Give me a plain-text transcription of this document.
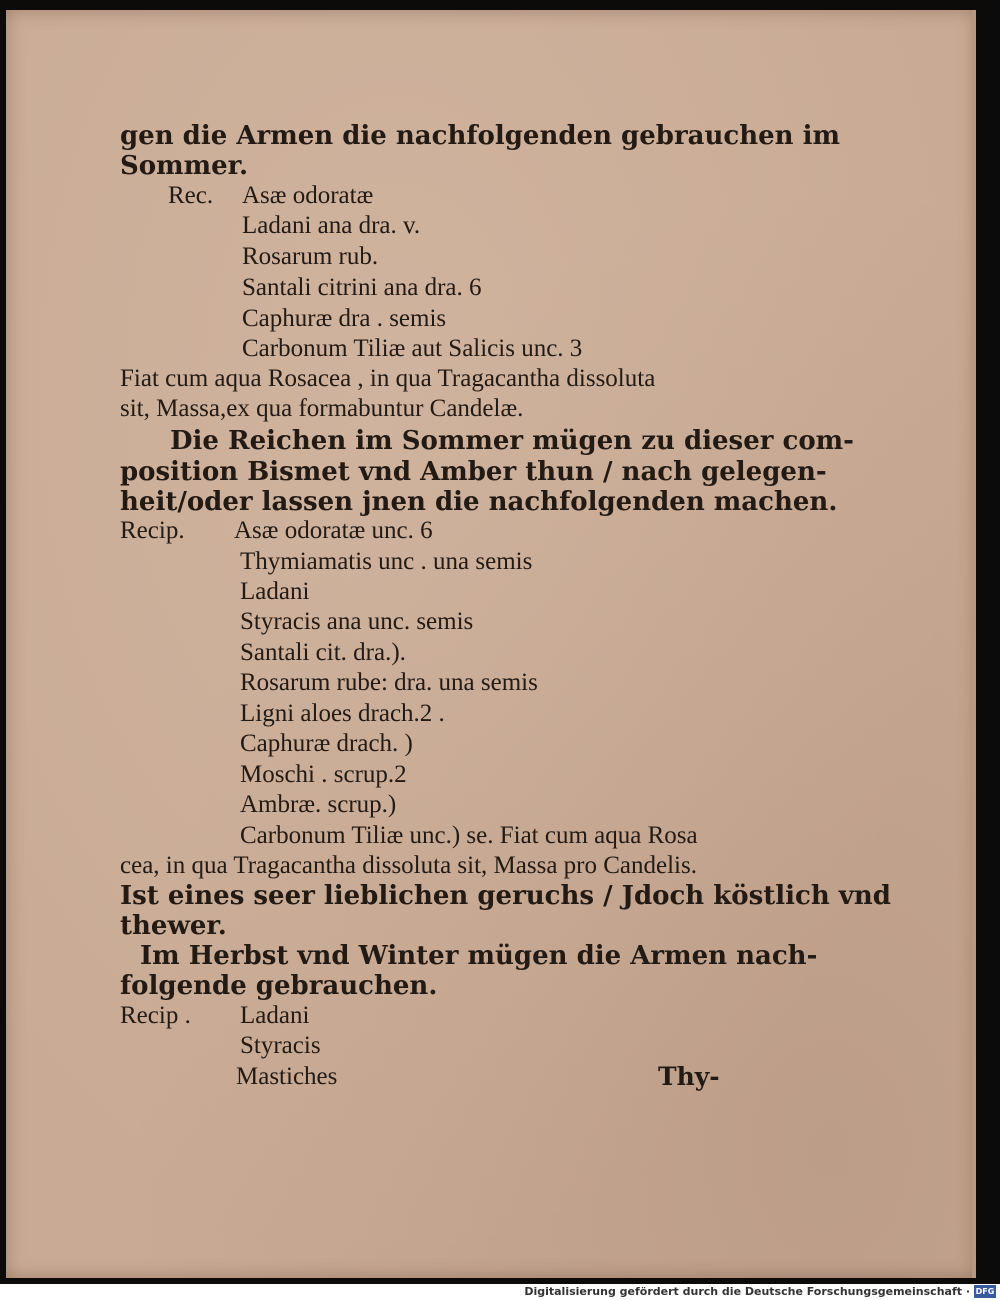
gen die Armen die nachfolgenden gebrauchen im
Sommer.
Rec. Asæ odoratæ
Ladani ana dra. v.
Rosarum rub.
Santali citrini ana dra. 6
Caphuræ dra . semis
Carbonum Tiliæ aut Salicis unc. 3
Fiat cum aqua Rosacea , in qua Tragacantha dissoluta
sit, Massa,ex qua formabuntur Candelæ.
Die Reichen im Sommer mügen zu dieser com-
position Bismet vnd Amber thun / nach gelegen-
heit/oder lassen jnen die nachfolgenden machen.
Recip. Asæ odoratæ unc. 6
Thymiamatis unc . una semis
Ladani
Styracis ana unc. semis
Santali cit. dra.).
Rosarum rube: dra. una semis
Ligni aloes drach.2 .
Caphuræ drach. )
Moschi . scrup.2
Ambræ. scrup.)
Carbonum Tiliæ unc.) se. Fiat cum aqua Rosa
cea, in qua Tragacantha dissoluta sit, Massa pro Candelis.
Ist eines seer lieblichen geruchs / Jdoch köstlich vnd
thewer.
Im Herbst vnd Winter mügen die Armen nach-
folgende gebrauchen.
Recip . Ladani
Styracis
Mastiches	Thy-
Digitalisierung gefördert durch die Deutsche Forschungsgemeinschaft · DFG
